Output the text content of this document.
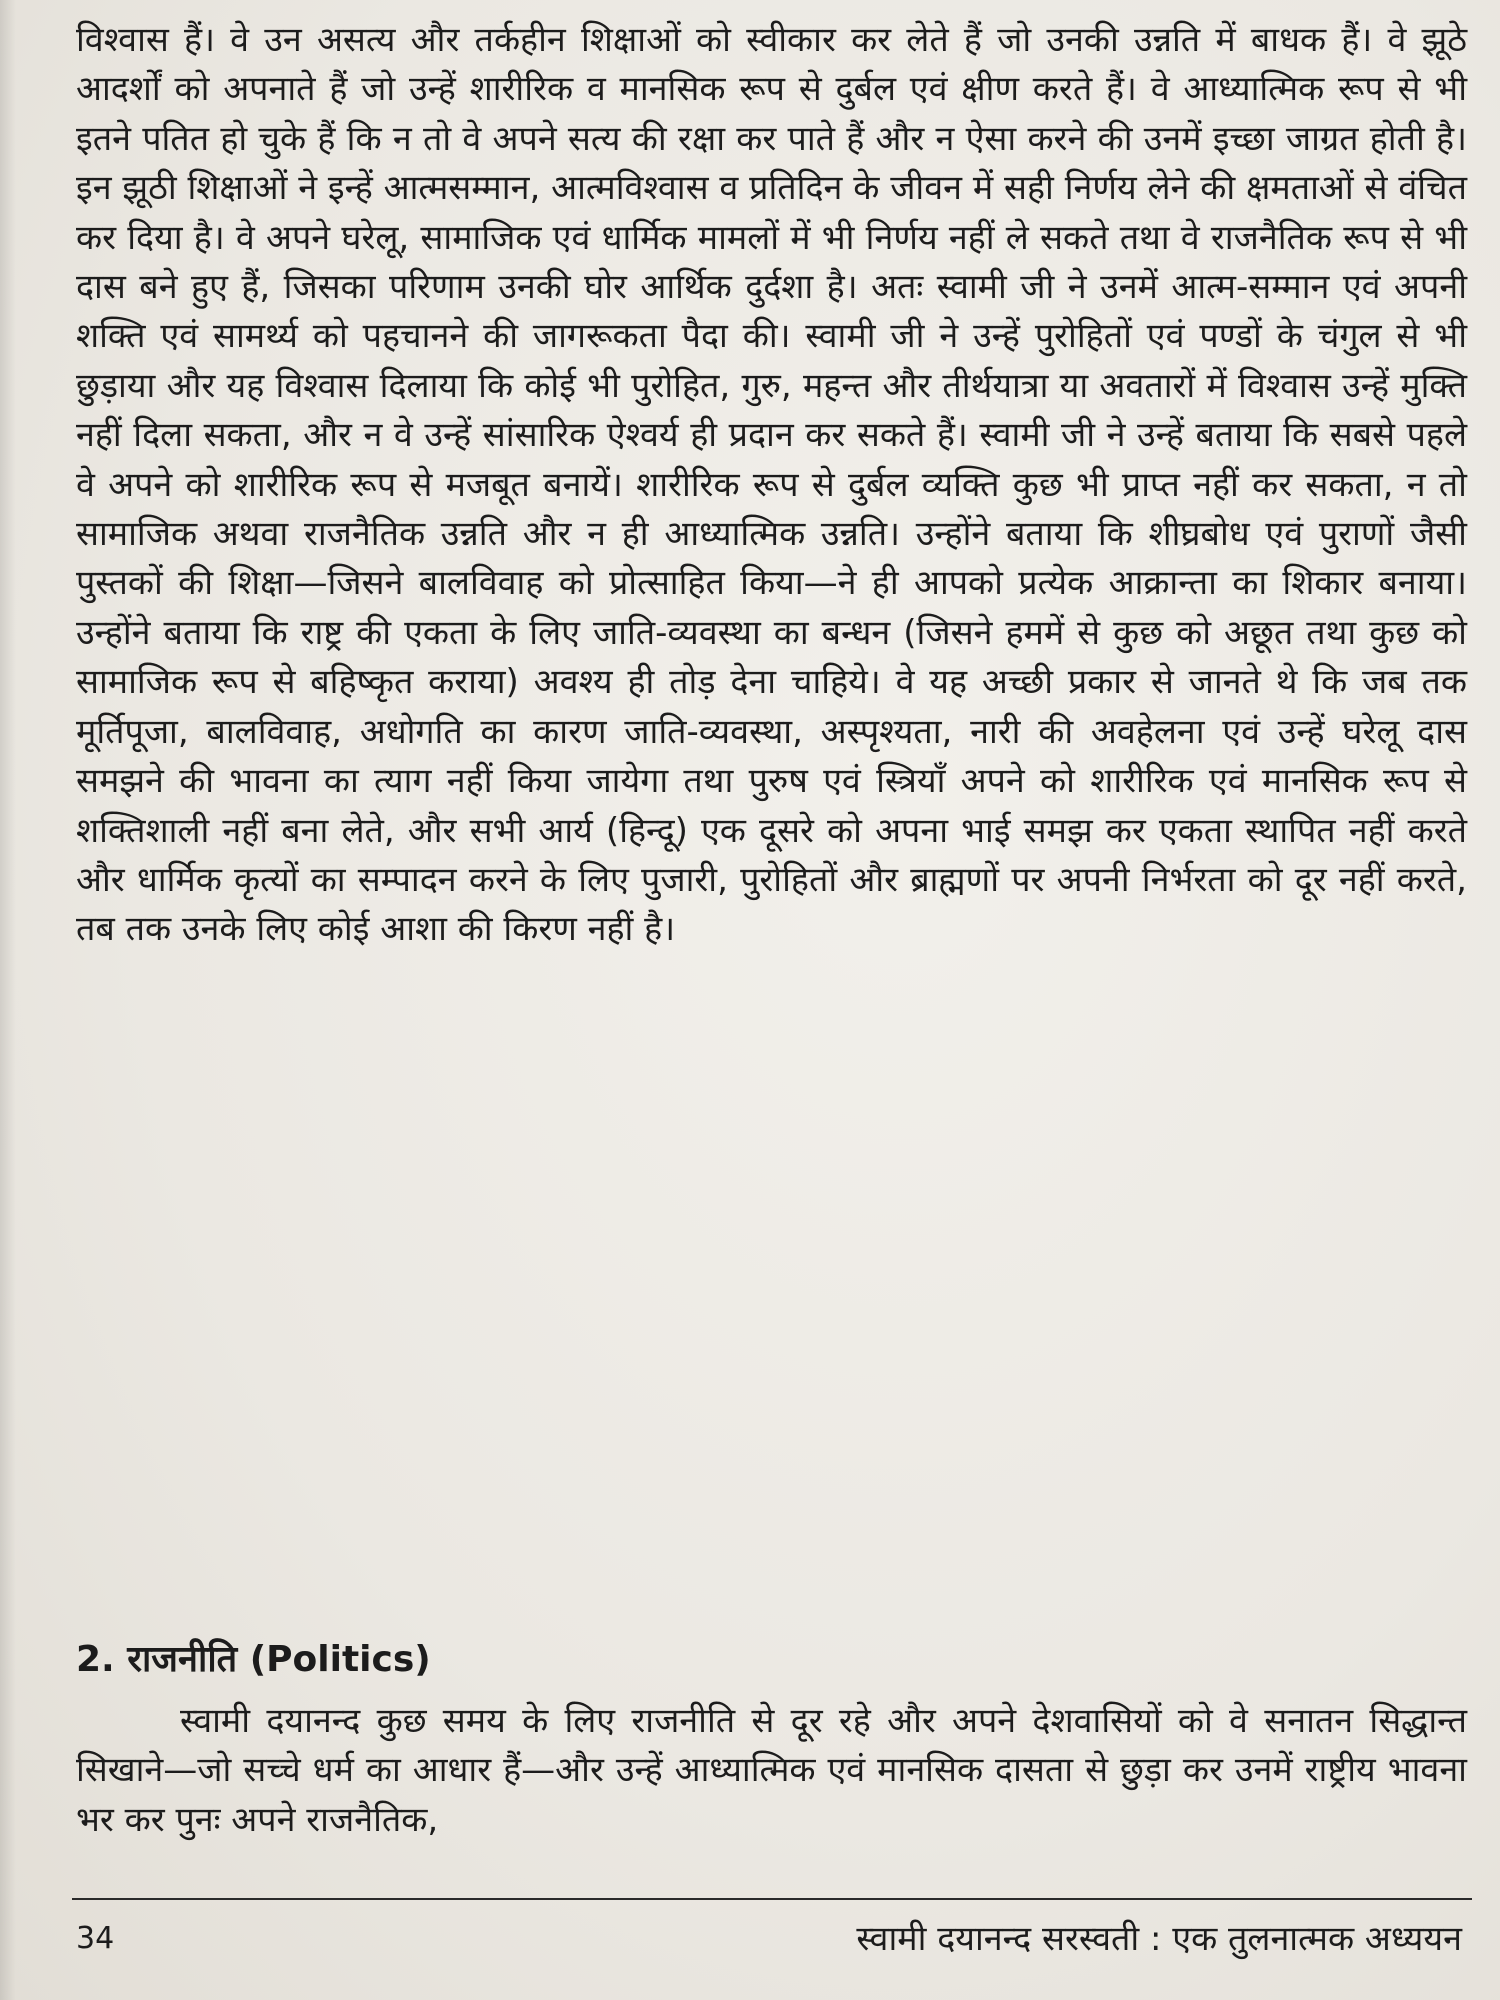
विश्वास हैं। वे उन असत्य और तर्कहीन शिक्षाओं को स्वीकार कर लेते हैं जो उनकी उन्नति में बाधक हैं। वे झूठे आदर्शों को अपनाते हैं जो उन्हें शारीरिक व मानसिक रूप से दुर्बल एवं क्षीण करते हैं। वे आध्यात्मिक रूप से भी इतने पतित हो चुके हैं कि न तो वे अपने सत्य की रक्षा कर पाते हैं और न ऐसा करने की उनमें इच्छा जाग्रत होती है। इन झूठी शिक्षाओं ने इन्हें आत्मसम्मान, आत्मविश्वास व प्रतिदिन के जीवन में सही निर्णय लेने की क्षमताओं से वंचित कर दिया है। वे अपने घरेलू, सामाजिक एवं धार्मिक मामलों में भी निर्णय नहीं ले सकते तथा वे राजनैतिक रूप से भी दास बने हुए हैं, जिसका परिणाम उनकी घोर आर्थिक दुर्दशा है। अतः स्वामी जी ने उनमें आत्म-सम्मान एवं अपनी शक्ति एवं सामर्थ्य को पहचानने की जागरूकता पैदा की। स्वामी जी ने उन्हें पुरोहितों एवं पण्डों के चंगुल से भी छुड़ाया और यह विश्वास दिलाया कि कोई भी पुरोहित, गुरु, महन्त और तीर्थयात्रा या अवतारों में विश्वास उन्हें मुक्ति नहीं दिला सकता, और न वे उन्हें सांसारिक ऐश्वर्य ही प्रदान कर सकते हैं। स्वामी जी ने उन्हें बताया कि सबसे पहले वे अपने को शारीरिक रूप से मजबूत बनायें। शारीरिक रूप से दुर्बल व्यक्ति कुछ भी प्राप्त नहीं कर सकता, न तो सामाजिक अथवा राजनैतिक उन्नति और न ही आध्यात्मिक उन्नति। उन्होंने बताया कि शीघ्रबोध एवं पुराणों जैसी पुस्तकों की शिक्षा—जिसने बालविवाह को प्रोत्साहित किया—ने ही आपको प्रत्येक आक्रान्ता का शिकार बनाया। उन्होंने बताया कि राष्ट्र की एकता के लिए जाति-व्यवस्था का बन्धन (जिसने हममें से कुछ को अछूत तथा कुछ को सामाजिक रूप से बहिष्कृत कराया) अवश्य ही तोड़ देना चाहिये। वे यह अच्छी प्रकार से जानते थे कि जब तक मूर्तिपूजा, बालविवाह, अधोगति का कारण जाति-व्यवस्था, अस्पृश्यता, नारी की अवहेलना एवं उन्हें घरेलू दास समझने की भावना का त्याग नहीं किया जायेगा तथा पुरुष एवं स्त्रियाँ अपने को शारीरिक एवं मानसिक रूप से शक्तिशाली नहीं बना लेते, और सभी आर्य (हिन्दू) एक दूसरे को अपना भाई समझ कर एकता स्थापित नहीं करते और धार्मिक कृत्यों का सम्पादन करने के लिए पुजारी, पुरोहितों और ब्राह्मणों पर अपनी निर्भरता को दूर नहीं करते, तब तक उनके लिए कोई आशा की किरण नहीं है।

2. राजनीति (Politics)

स्वामी दयानन्द कुछ समय के लिए राजनीति से दूर रहे और अपने देशवासियों को वे सनातन सिद्धान्त सिखाने—जो सच्चे धर्म का आधार हैं—और उन्हें आध्यात्मिक एवं मानसिक दासता से छुड़ा कर उनमें राष्ट्रीय भावना भर कर पुनः अपने राजनैतिक,

34	स्वामी दयानन्द सरस्वती : एक तुलनात्मक अध्ययन
